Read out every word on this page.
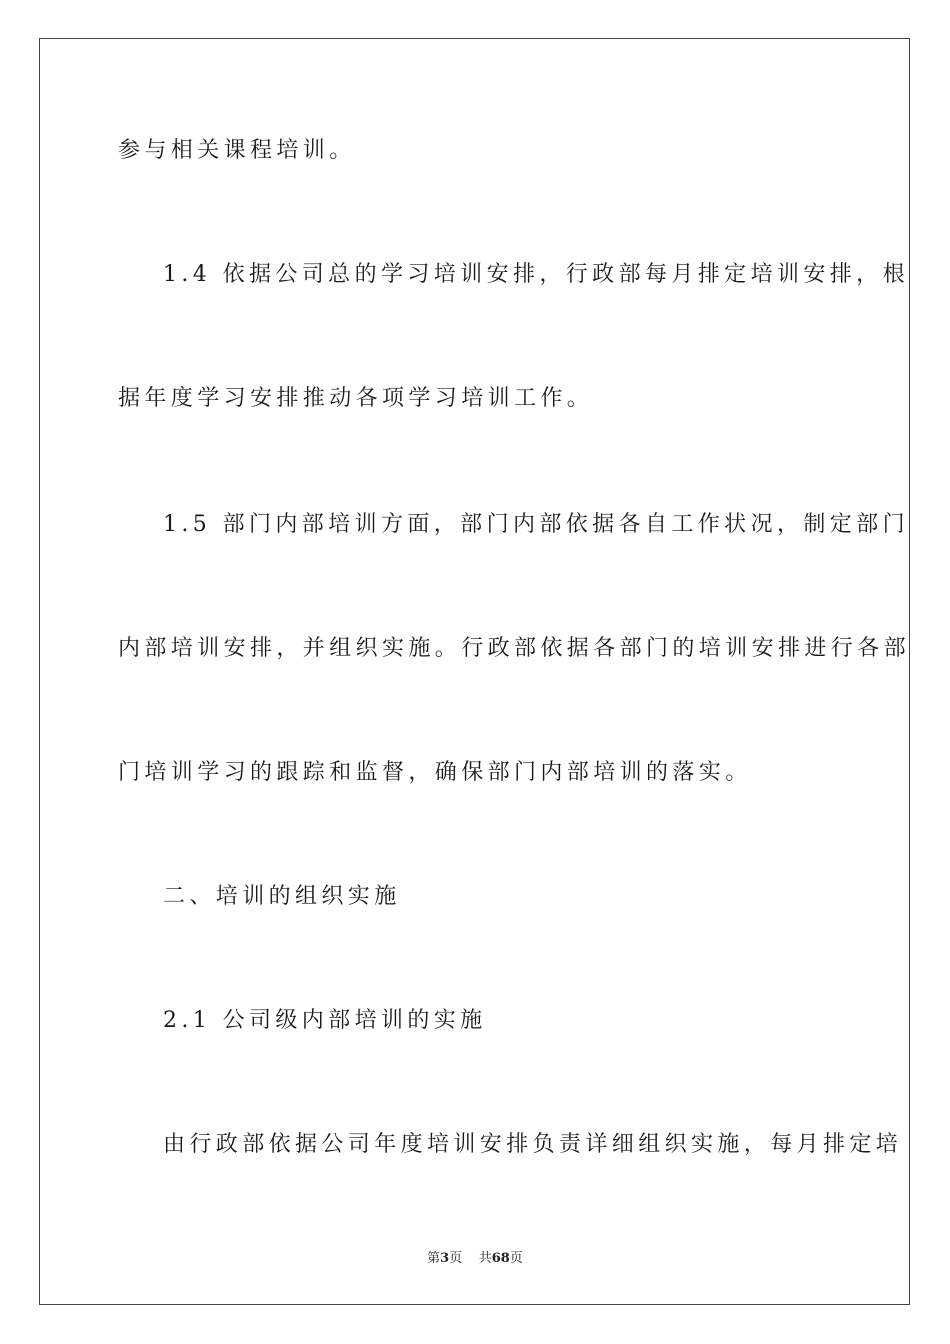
参与相关课程培训。
1.4 依据公司总的学习培训安排，行政部每月排定培训安排，根
据年度学习安排推动各项学习培训工作。
1.5 部门内部培训方面，部门内部依据各自工作状况，制定部门
内部培训安排，并组织实施。行政部依据各部门的培训安排进行各部
门培训学习的跟踪和监督，确保部门内部培训的落实。
二、培训的组织实施
2.1 公司级内部培训的实施
由行政部依据公司年度培训安排负责详细组织实施，每月排定培
第3页 共68页
